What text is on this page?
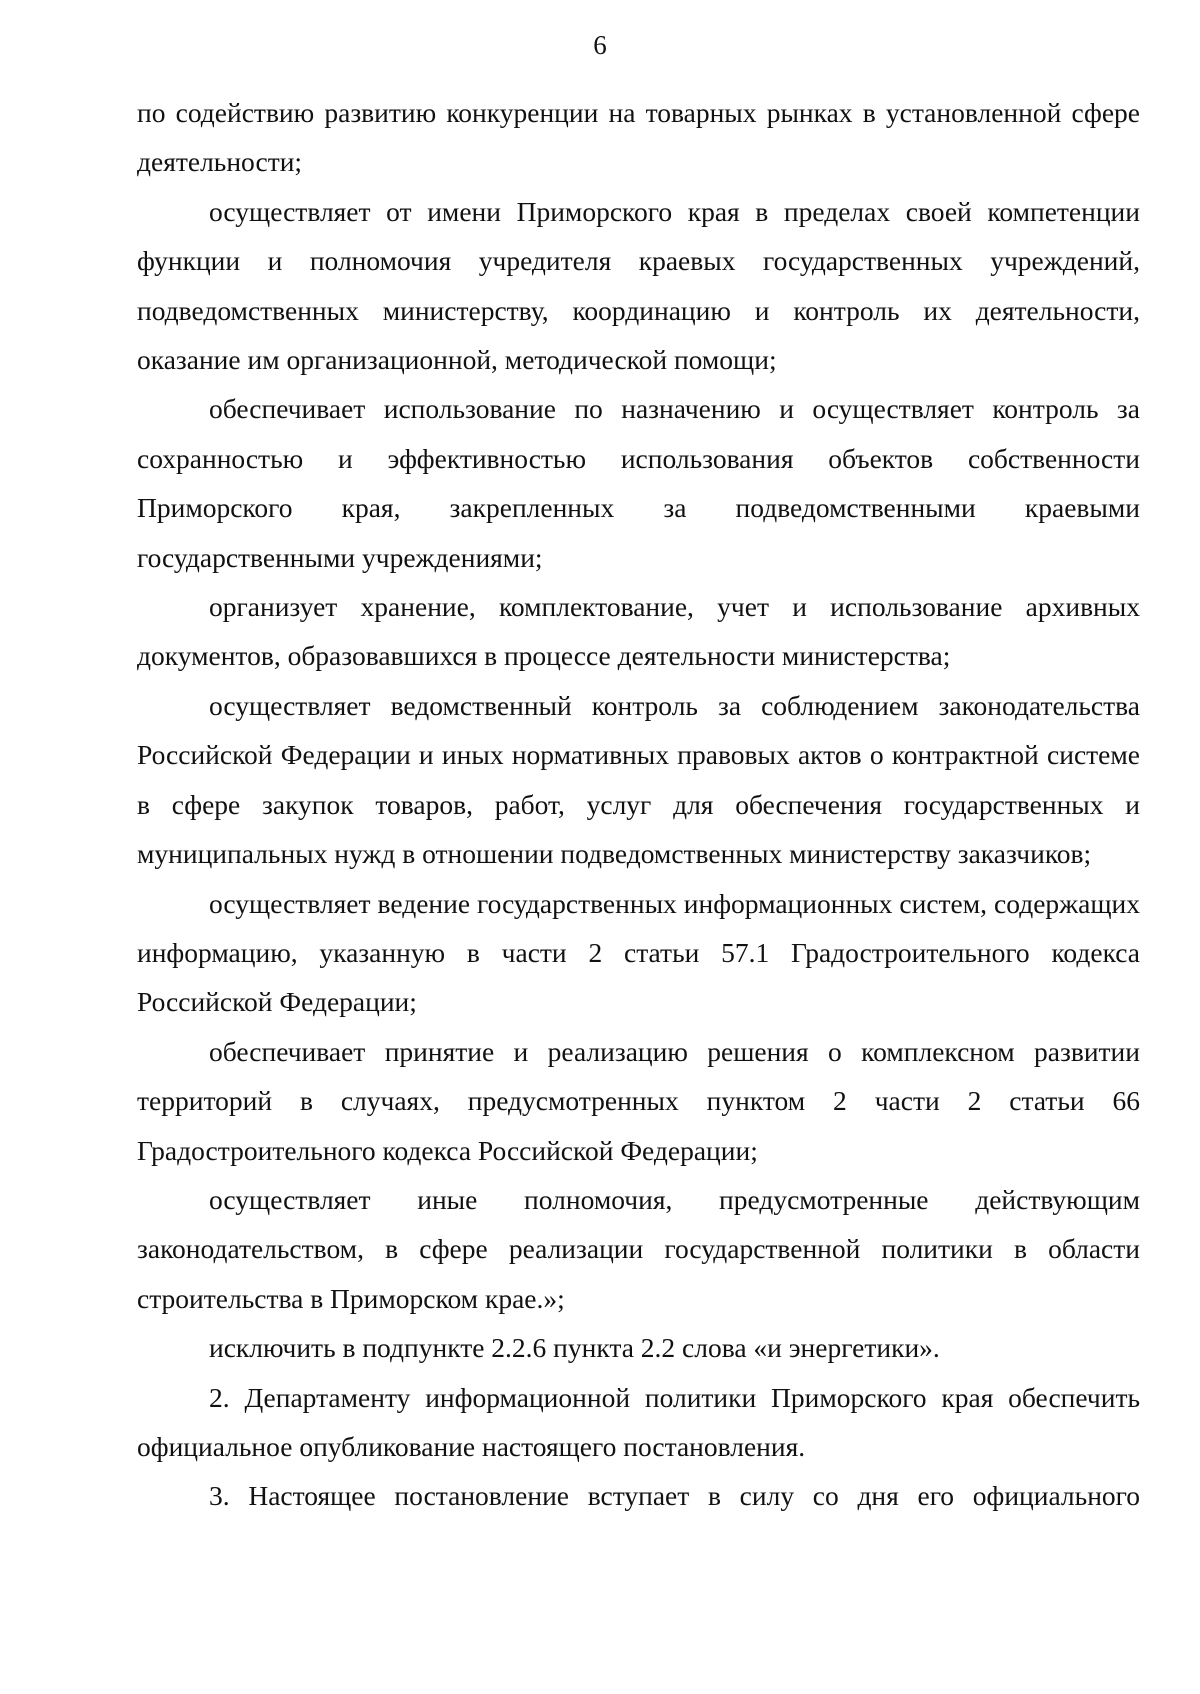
6

по содействию развитию конкуренции на товарных рынках в установленной сфере деятельности;

осуществляет от имени Приморского края в пределах своей компетенции функции и полномочия учредителя краевых государственных учреждений, подведомственных министерству, координацию и контроль их деятельности, оказание им организационной, методической помощи;

обеспечивает использование по назначению и осуществляет контроль за сохранностью и эффективностью использования объектов собственности Приморского края, закрепленных за подведомственными краевыми государственными учреждениями;

организует хранение, комплектование, учет и использование архивных документов, образовавшихся в процессе деятельности министерства;

осуществляет ведомственный контроль за соблюдением законодательства Российской Федерации и иных нормативных правовых актов о контрактной системе в сфере закупок товаров, работ, услуг для обеспечения государственных и муниципальных нужд в отношении подведомственных министерству заказчиков;

осуществляет ведение государственных информационных систем, содержащих информацию, указанную в части 2 статьи 57.1 Градостроительного кодекса Российской Федерации;

обеспечивает принятие и реализацию решения о комплексном развитии территорий в случаях, предусмотренных пунктом 2 части 2 статьи 66 Градостроительного кодекса Российской Федерации;

осуществляет иные полномочия, предусмотренные действующим законодательством, в сфере реализации государственной политики в области строительства в Приморском крае.»;

исключить в подпункте 2.2.6 пункта 2.2 слова «и энергетики».

2. Департаменту информационной политики Приморского края обеспечить официальное опубликование настоящего постановления.

3. Настоящее постановление вступает в силу со дня его официального
